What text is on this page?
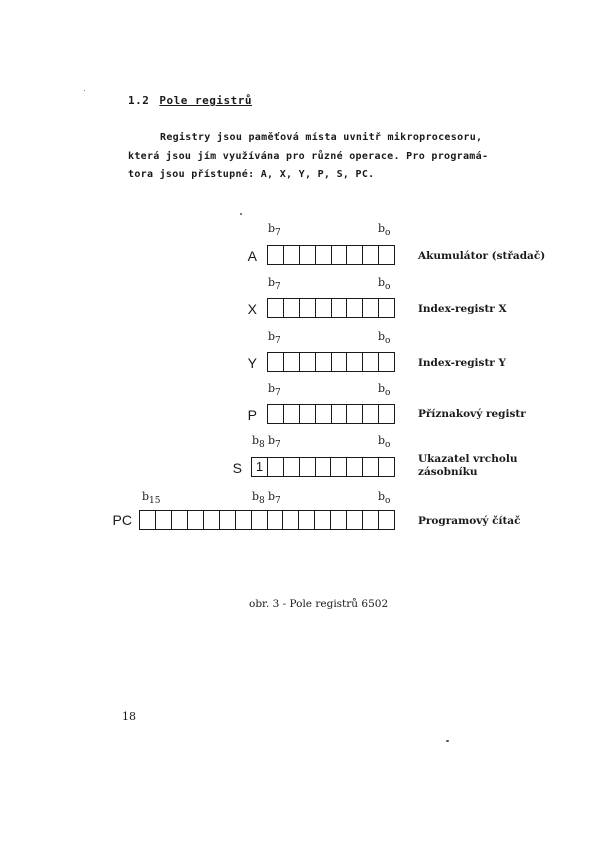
1.2 Pole registrů
Registry jsou paměťová místa uvnitř mikroprocesoru,
která jsou jím využívána pro různé operace. Pro programá-
tora jsou přístupné: A, X, Y, P, S, PC.
$b_7$	$b_o$
A	Akumulátor (střadač)
$b_7$	$b_o$
X	Index-registr X
$b_7$	$b_o$
Y	Index-registr Y
$b_7$	$b_o$
P	Příznakový registr
$b_8$ $b_7$	$b_o$
S 1	Ukazatel vrcholu
zásobníku
$b_{15}$	$b_8$ $b_7$	$b_o$
PC	Programový čítač
obr. 3 - Pole registrů 6502
18
